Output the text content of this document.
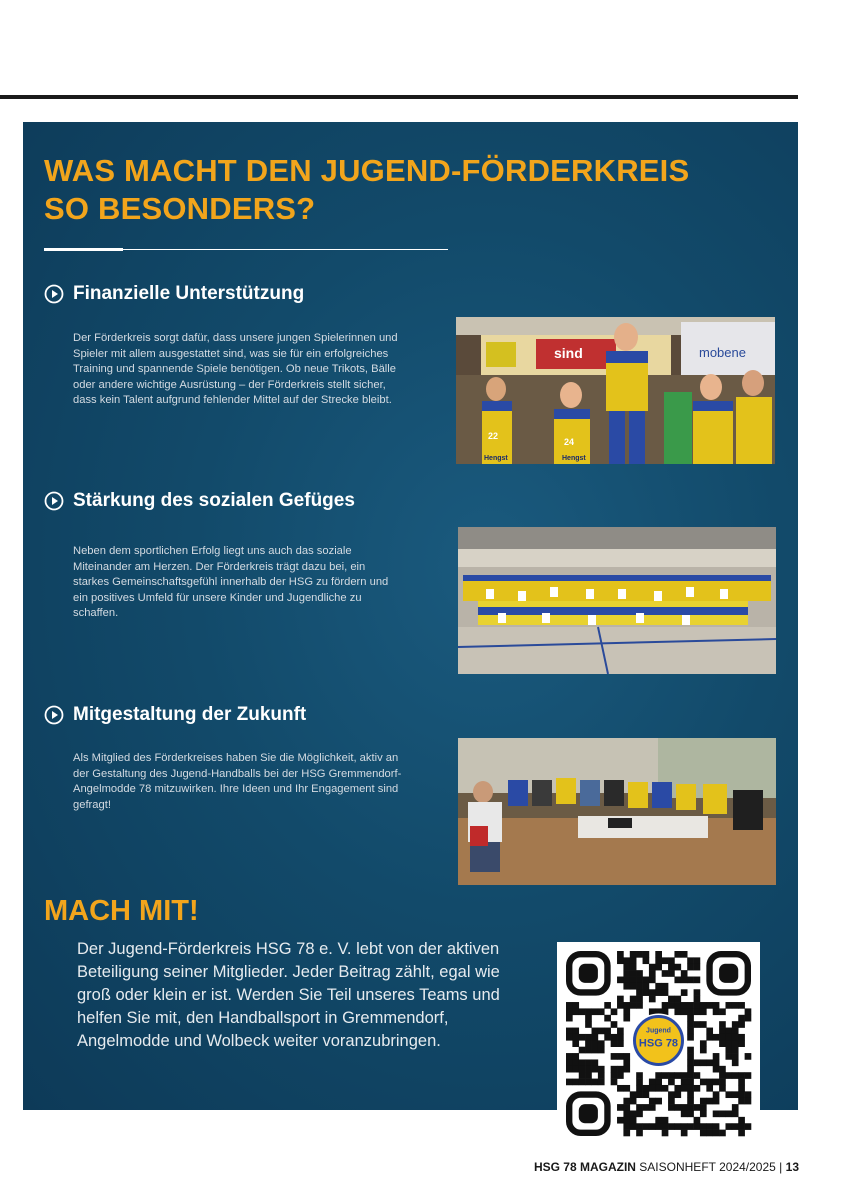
WAS MACHT DEN JUGEND-FÖRDERKREIS
SO BESONDERS?
Finanzielle Unterstützung

Der Förderkreis sorgt dafür, dass unsere jungen Spielerinnen und Spieler mit allem ausgestattet sind, was sie für ein erfolgreiches Training und spannende Spiele benötigen. Ob neue Trikots, Bälle oder andere wichtige Ausrüstung – der Förderkreis stellt sicher, dass kein Talent aufgrund fehlender Mittel auf der Strecke bleibt.

sind	mobene
22
24
Hengst	Hengst
Stärkung des sozialen Gefüges

Neben dem sportlichen Erfolg liegt uns auch das soziale Miteinander am Herzen. Der Förderkreis trägt dazu bei, ein starkes Gemeinschaftsgefühl innerhalb der HSG zu fördern und ein positives Umfeld für unsere Kinder und Jugendliche zu schaffen.

Mitgestaltung der Zukunft

Als Mitglied des Förderkreises haben Sie die Möglichkeit, aktiv an der Gestaltung des Jugend-Handballs bei der HSG Gremmendorf-Angelmodde 78 mitzuwirken. Ihre Ideen und Ihr Engagement sind gefragt!

MACH MIT!

Der Jugend-Förderkreis HSG 78 e. V. lebt von der aktiven Beteiligung seiner Mitglieder. Jeder Beitrag zählt, egal wie groß oder klein er ist. Werden Sie Teil unseres Teams und helfen Sie mit, den Handballsport in Gremmendorf, Angelmodde und Wolbeck weiter voranzubringen.

Jugend
HSG 78
HSG 78 MAGAZIN SAISONHEFT 2024/2025 | 13
